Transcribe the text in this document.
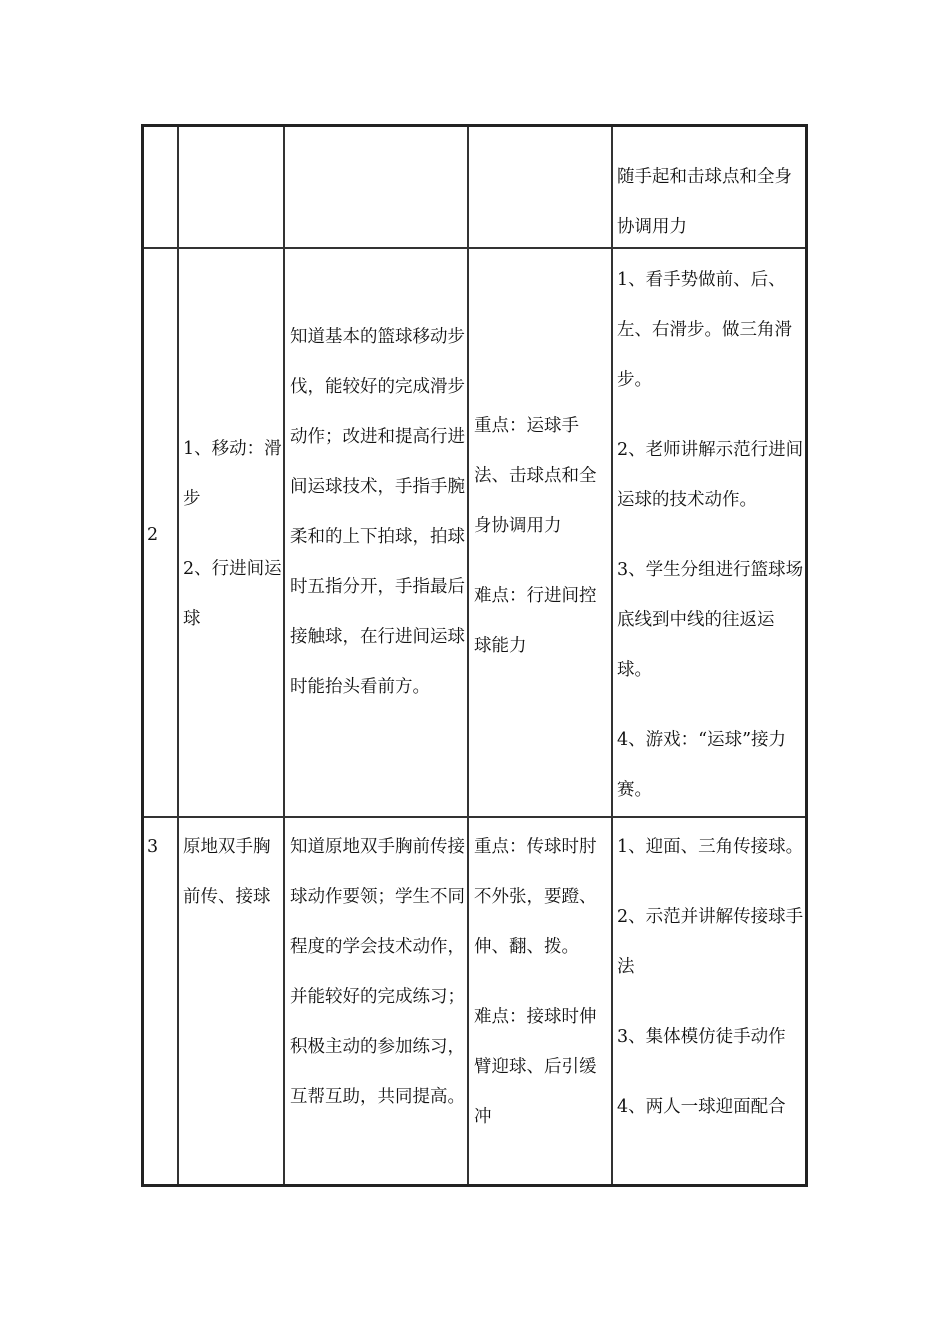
随手起和击球点和全身协调用力

2

1、移动：滑步

2、行进间运球

知道基本的篮球移动步伐，能较好的完成滑步动作；改进和提高行进间运球技术，手指手腕柔和的上下拍球，拍球时五指分开，手指最后接触球，在行进间运球时能抬头看前方。

重点：运球手法、击球点和全身协调用力

难点：行进间控球能力

1、看手势做前、后、左、右滑步。做三角滑步。

2、老师讲解示范行进间运球的技术动作。

3、学生分组进行篮球场底线到中线的往返运球。

4、游戏：“运球”接力赛。

3	原地双手胸前传、接球

知道原地双手胸前传接球动作要领；学生不同程度的学会技术动作，并能较好的完成练习；积极主动的参加练习，互帮互助，共同提高。

重点：传球时肘不外张，要蹬、伸、翻、拨。

难点：接球时伸臂迎球、后引缓冲

1、迎面、三角传接球。

2、示范并讲解传接球手法

3、集体模仿徒手动作

4、两人一球迎面配合
